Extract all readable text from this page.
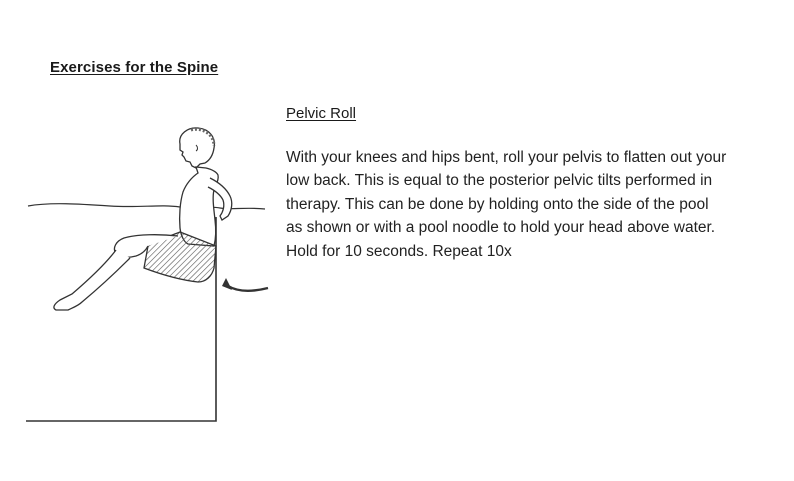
Exercises for the Spine
Pelvic Roll

With your knees and hips bent, roll your pelvis to flatten out your
low back. This is equal to the posterior pelvic tilts performed in
therapy. This can be done by holding onto the side of the pool
as shown or with a pool noodle to hold your head above water.
Hold for 10 seconds. Repeat 10x
